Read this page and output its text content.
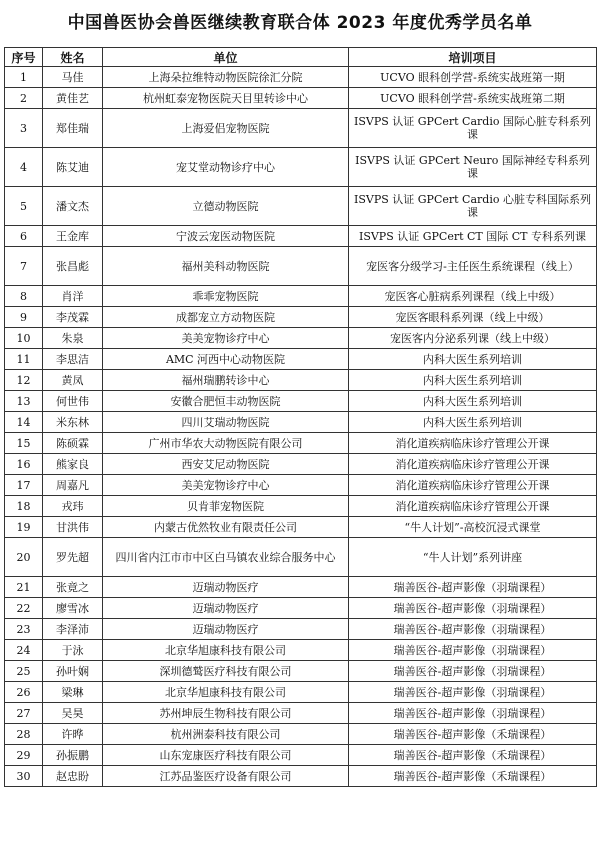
中国兽医协会兽医继续教育联合体 2023 年度优秀学员名单
序号	姓名	单位	培训项目
1	马佳	上海朵拉维特动物医院徐汇分院	UCVO 眼科创学营-系统实战班第一期
2	黄佳艺	杭州虹泰宠物医院天目里转诊中心	UCVO 眼科创学营-系统实战班第二期
3	郑佳瑞	上海爱侣宠物医院	ISVPS 认证 GPCert Cardio 国际心脏专科系列课
4	陈艾迪	宠艾堂动物诊疗中心	ISVPS 认证 GPCert Neuro 国际神经专科系列课
5	潘文杰	立德动物医院	ISVPS 认证 GPCert Cardio 心脏专科国际系列课
6	王金库	宁波云宠医动物医院	ISVPS 认证 GPCert CT 国际 CT 专科系列课
7	张昌彪	福州美科动物医院	宠医客分级学习-主任医生系统课程（线上）
8	肖洋	乖乖宠物医院	宠医客心脏病系列课程（线上中级）
9	李茂霖	成都宠立方动物医院	宠医客眼科系列课（线上中级）
10	朱泉	美美宠物诊疗中心	宠医客内分泌系列课（线上中级）
11	李思洁	AMC 河西中心动物医院	内科大医生系列培训
12	黄凤	福州瑞鹏转诊中心	内科大医生系列培训
13	何世伟	安徽合肥恒丰动物医院	内科大医生系列培训
14	米东林	四川艾瑞动物医院	内科大医生系列培训
15	陈硕霖	广州市华农大动物医院有限公司	消化道疾病临床诊疗管理公开课
16	熊家良	西安艾尼动物医院	消化道疾病临床诊疗管理公开课
17	周嘉凡	美美宠物诊疗中心	消化道疾病临床诊疗管理公开课
18	戎玮	贝肯菲宠物医院	消化道疾病临床诊疗管理公开课
19	甘洪伟	内蒙古优然牧业有限责任公司	“牛人计划”-高校沉浸式课堂
20	罗先超	四川省内江市市中区白马镇农业综合服务中心	“牛人计划”系列讲座
21	张竟之	迈瑞动物医疗	瑞善医谷-超声影像（羽瑞课程）
22	廖雪冰	迈瑞动物医疗	瑞善医谷-超声影像（羽瑞课程）
23	李泽沛	迈瑞动物医疗	瑞善医谷-超声影像（羽瑞课程）
24	于泳	北京华旭康科技有限公司	瑞善医谷-超声影像（羽瑞课程）
25	孙叶娴	深圳德鹫医疗科技有限公司	瑞善医谷-超声影像（羽瑞课程）
26	梁琳	北京华旭康科技有限公司	瑞善医谷-超声影像（羽瑞课程）
27	吴昊	苏州坤辰生物科技有限公司	瑞善医谷-超声影像（羽瑞课程）
28	许晔	杭州洲泰科技有限公司	瑞善医谷-超声影像（禾瑞课程）
29	孙振鹏	山东宠康医疗科技有限公司	瑞善医谷-超声影像（禾瑞课程）
30	赵忠盼	江苏品鉴医疗设备有限公司	瑞善医谷-超声影像（禾瑞课程）
